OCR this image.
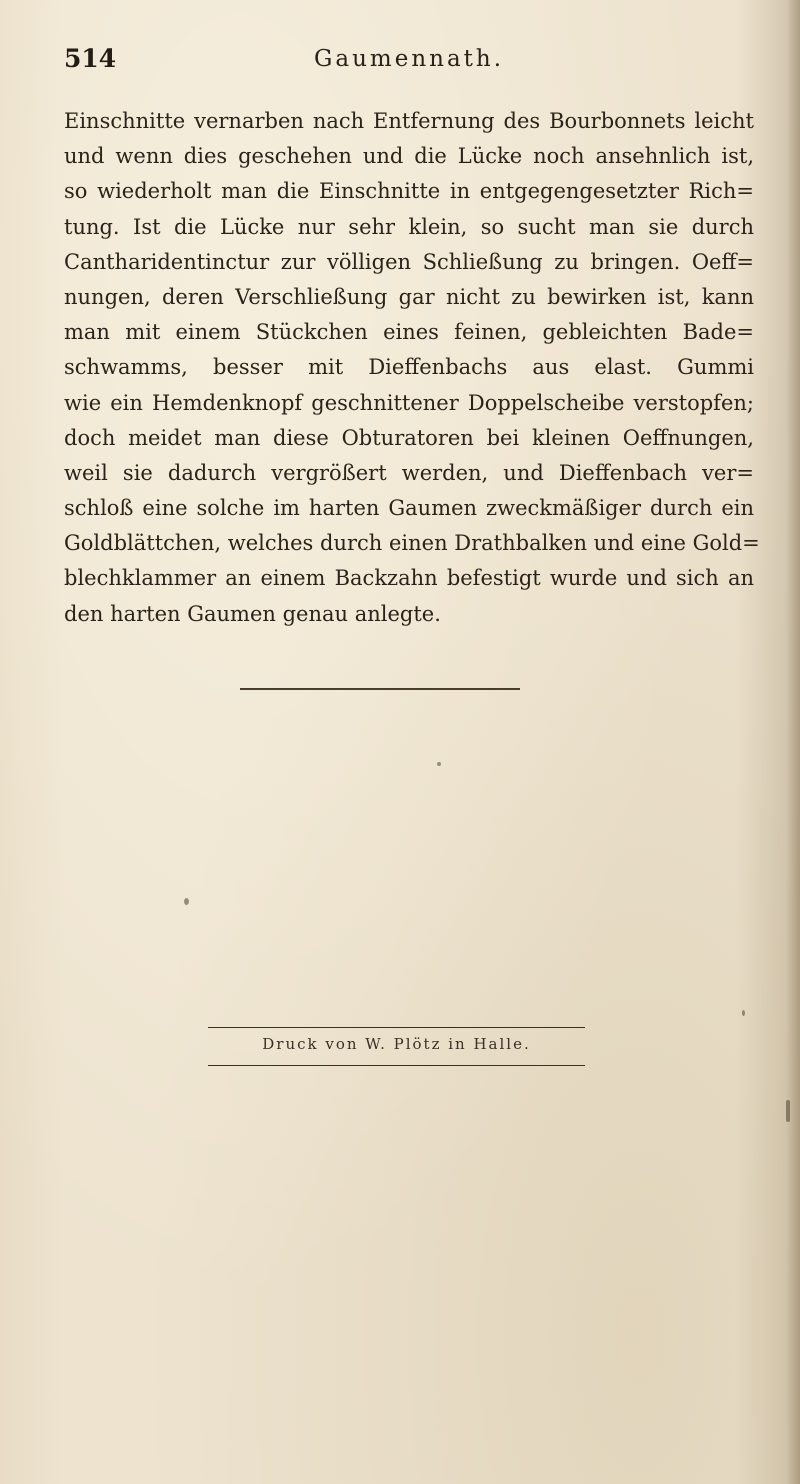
514	Gaumennath.
Einschnitte vernarben nach Entfernung des Bourbonnets leicht
und wenn dies geschehen und die Lücke noch ansehnlich ist,
so wiederholt man die Einschnitte in entgegengesetzter Rich=
tung. Ist die Lücke nur sehr klein, so sucht man sie durch
Cantharidentinctur zur völligen Schließung zu bringen. Oeff=
nungen, deren Verschließung gar nicht zu bewirken ist, kann
man mit einem Stückchen eines feinen, gebleichten Bade=
schwamms, besser mit Dieffenbachs aus elast. Gummi
wie ein Hemdenknopf geschnittener Doppelscheibe verstopfen;
doch meidet man diese Obturatoren bei kleinen Oeffnungen,
weil sie dadurch vergrößert werden, und Dieffenbach ver=
schloß eine solche im harten Gaumen zweckmäßiger durch ein
Goldblättchen, welches durch einen Drathbalken und eine Gold=
blechklammer an einem Backzahn befestigt wurde und sich an
den harten Gaumen genau anlegte.
Druck von W. Plötz in Halle.
